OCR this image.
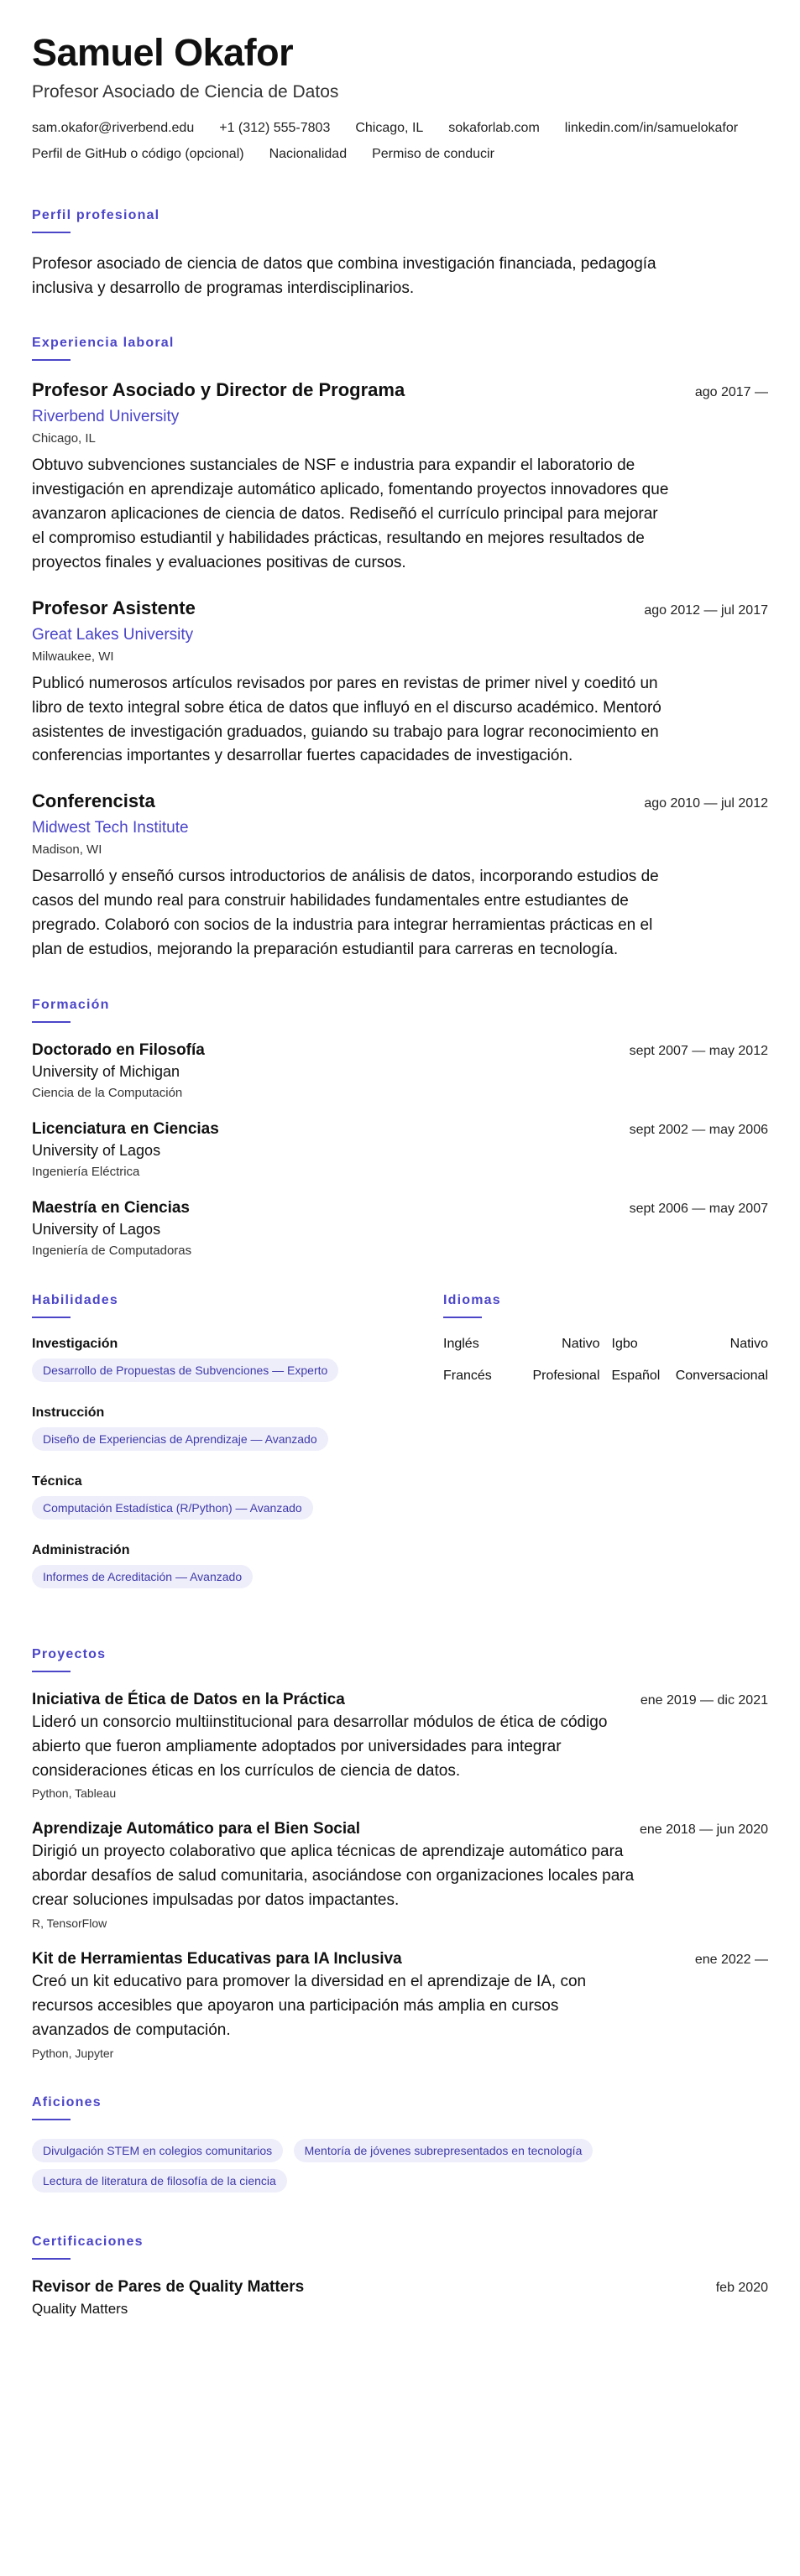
Samuel Okafor
Profesor Asociado de Ciencia de Datos
sam.okafor@riverbend.edu +1 (312) 555-7803 Chicago, IL sokaforlab.com linkedin.com/in/samuelokafor
Perfil de GitHub o código (opcional) Nacionalidad Permiso de conducir
Perfil profesional

Profesor asociado de ciencia de datos que combina investigación financiada, pedagogía inclusiva y desarrollo de programas interdisciplinarios.

Experiencia laboral
Profesor Asociado y Director de Programa	ago 2017 —
Riverbend University
Chicago, IL

Obtuvo subvenciones sustanciales de NSF e industria para expandir el laboratorio de investigación en aprendizaje automático aplicado, fomentando proyectos innovadores que avanzaron aplicaciones de ciencia de datos. Rediseñó el currículo principal para mejorar el compromiso estudiantil y habilidades prácticas, resultando en mejores resultados de proyectos finales y evaluaciones positivas de cursos.

Profesor Asistente	ago 2012 — jul 2017
Great Lakes University
Milwaukee, WI

Publicó numerosos artículos revisados por pares en revistas de primer nivel y coeditó un libro de texto integral sobre ética de datos que influyó en el discurso académico. Mentoró asistentes de investigación graduados, guiando su trabajo para lograr reconocimiento en conferencias importantes y desarrollar fuertes capacidades de investigación.

Conferencista	ago 2010 — jul 2012
Midwest Tech Institute
Madison, WI

Desarrolló y enseñó cursos introductorios de análisis de datos, incorporando estudios de casos del mundo real para construir habilidades fundamentales entre estudiantes de pregrado. Colaboró con socios de la industria para integrar herramientas prácticas en el plan de estudios, mejorando la preparación estudiantil para carreras en tecnología.

Formación
Doctorado en Filosofía	sept 2007 — may 2012
University of Michigan
Ciencia de la Computación
Licenciatura en Ciencias	sept 2002 — may 2006
University of Lagos
Ingeniería Eléctrica
Maestría en Ciencias	sept 2006 — may 2007
University of Lagos
Ingeniería de Computadoras
Habilidades
Investigación
Desarrollo de Propuestas de Subvenciones — Experto
Instrucción
Diseño de Experiencias de Aprendizaje — Avanzado
Técnica
Computación Estadística (R/Python) — Avanzado
Administración
Informes de Acreditación — Avanzado
Idiomas
Inglés	Nativo Igbo	Nativo
Francés	Profesional Español Conversacional
Proyectos
Iniciativa de Ética de Datos en la Práctica	ene 2019 — dic 2021

Lideró un consorcio multiinstitucional para desarrollar módulos de ética de código abierto que fueron ampliamente adoptados por universidades para integrar consideraciones éticas en los currículos de ciencia de datos.

Python, Tableau
Aprendizaje Automático para el Bien Social	ene 2018 — jun 2020

Dirigió un proyecto colaborativo que aplica técnicas de aprendizaje automático para abordar desafíos de salud comunitaria, asociándose con organizaciones locales para crear soluciones impulsadas por datos impactantes.

R, TensorFlow
Kit de Herramientas Educativas para IA Inclusiva	ene 2022 —

Creó un kit educativo para promover la diversidad en el aprendizaje de IA, con recursos accesibles que apoyaron una participación más amplia en cursos avanzados de computación.

Python, Jupyter
Aficiones
Divulgación STEM en colegios comunitarios	Mentoría de jóvenes subrepresentados en tecnología Lectura de literatura de filosofía de la ciencia
Certificaciones
Revisor de Pares de Quality Matters	feb 2020
Quality Matters
